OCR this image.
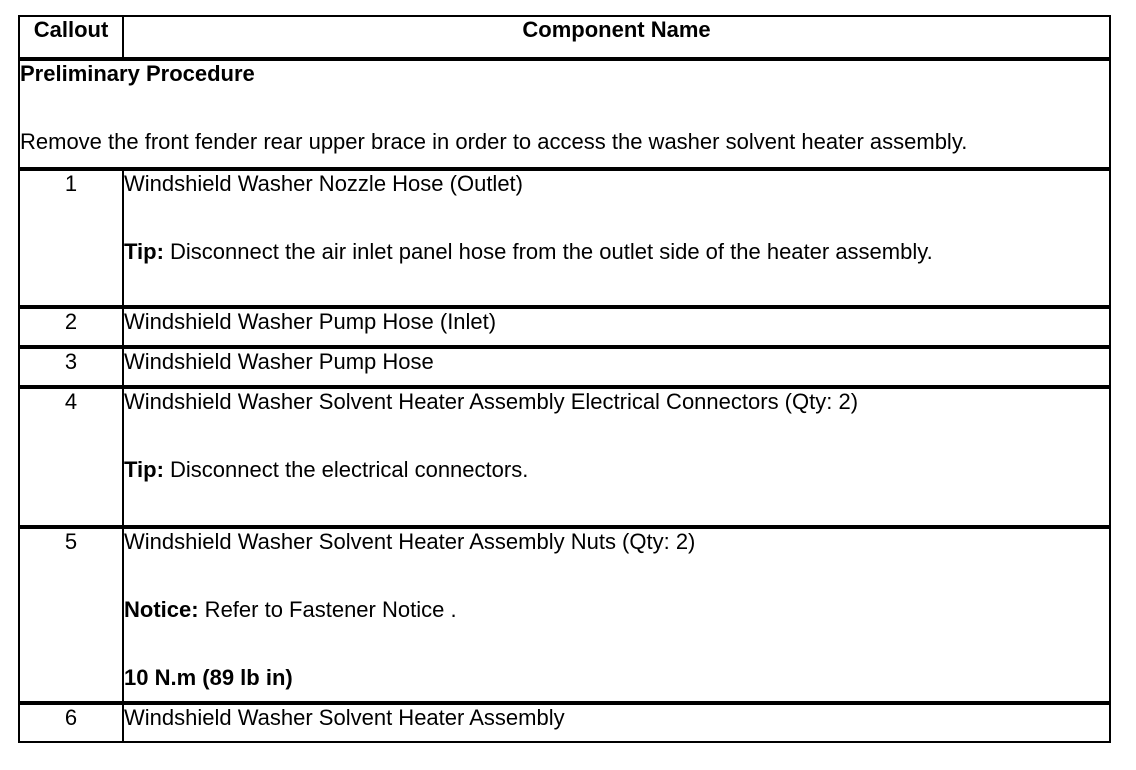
Callout	Component Name

Preliminary Procedure

Remove the front fender rear upper brace in order to access the washer solvent heater assembly.	

1	Windshield Washer Nozzle Hose (Outlet)

Tip: Disconnect the air inlet panel hose from the outlet side of the heater assembly.

2	Windshield Washer Pump Hose (Inlet)
3	Windshield Washer Pump Hose
4	Windshield Washer Solvent Heater Assembly Electrical Connectors (Qty: 2)

Tip: Disconnect the electrical connectors.

5	Windshield Washer Solvent Heater Assembly Nuts (Qty: 2)

Notice: Refer to Fastener Notice .

10 N.m (89 lb in)

6	Windshield Washer Solvent Heater Assembly
